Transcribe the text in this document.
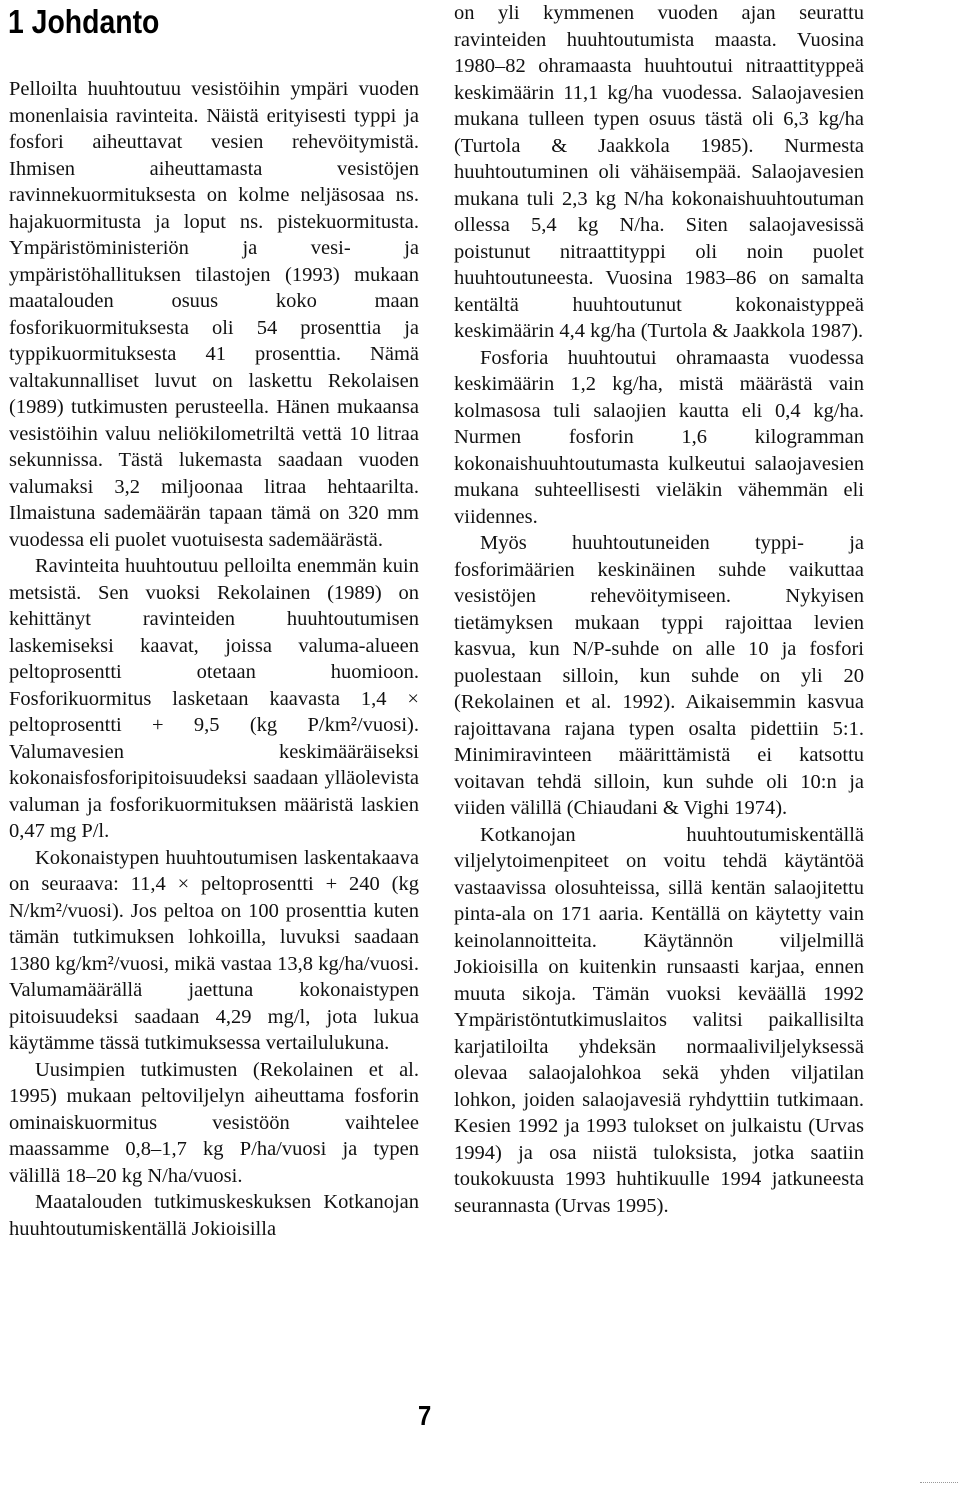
1 Johdanto

Pelloilta huuhtoutuu vesistöihin ympäri vuoden monenlaisia ravinteita. Näistä erityisesti typpi ja fosfori aiheuttavat vesien rehevöitymistä. Ihmisen aiheuttamasta vesistöjen ravinnekuormituksesta on kolme neljäsosaa ns. hajakuormitusta ja loput ns. pistekuormitusta. Ympäristöministeriön ja vesi- ja ympäristöhallituksen tilastojen (1993) mukaan maatalouden osuus koko maan fosforikuormituksesta oli 54 prosenttia ja typpikuormituksesta 41 prosenttia. Nämä valtakunnalliset luvut on laskettu Rekolaisen (1989) tutkimusten perusteella. Hänen mukaansa vesistöihin valuu neliökilometriltä vettä 10 litraa sekunnissa. Tästä lukemasta saadaan vuoden valumaksi 3,2 miljoonaa litraa hehtaarilta. Ilmaistuna sademäärän tapaan tämä on 320 mm vuodessa eli puolet vuotuisesta sademäärästä.

Ravinteita huuhtoutuu pelloilta enemmän kuin metsistä. Sen vuoksi Rekolainen (1989) on kehittänyt ravinteiden huuhtoutumisen laskemiseksi kaavat, joissa valuma-alueen peltoprosentti otetaan huomioon. Fosforikuormitus lasketaan kaavasta 1,4 × peltoprosentti + 9,5 (kg P/km²/vuosi). Valumavesien keskimääräiseksi kokonaisfosforipitoisuudeksi saadaan ylläolevista valuman ja fosforikuormituksen määristä laskien 0,47 mg P/l.

Kokonaistypen huuhtoutumisen laskentakaava on seuraava: 11,4 × peltoprosentti + 240 (kg N/km²/vuosi). Jos peltoa on 100 prosenttia kuten tämän tutkimuksen lohkoilla, luvuksi saadaan 1380 kg/km²/vuosi, mikä vastaa 13,8 kg/ha/vuosi. Valumamäärällä jaettuna kokonaistypen pitoisuudeksi saadaan 4,29 mg/l, jota lukua käytämme tässä tutkimuksessa vertailulukuna.

Uusimpien tutkimusten (Rekolainen et al. 1995) mukaan peltoviljelyn aiheuttama fosforin ominaiskuormitus vesistöön vaihtelee maassamme 0,8–1,7 kg P/ha/vuosi ja typen välillä 18–20 kg N/ha/vuosi.

Maatalouden tutkimuskeskuksen Kotkanojan huuhtoutumiskentällä Jokioisilla

on yli kymmenen vuoden ajan seurattu ravinteiden huuhtoutumista maasta. Vuosina 1980–82 ohramaasta huuhtoutui nitraattityppeä keskimäärin 11,1 kg/ha vuodessa. Salaojavesien mukana tulleen typen osuus tästä oli 6,3 kg/ha (Turtola & Jaakkola 1985). Nurmesta huuhtoutuminen oli vähäisempää. Salaojavesien mukana tuli 2,3 kg N/ha kokonaishuuhtoutuman ollessa 5,4 kg N/ha. Siten salaojavesissä poistunut nitraattityppi oli noin puolet huuhtoutuneesta. Vuosina 1983–86 on samalta kentältä huuhtoutunut kokonaistyppeä keskimäärin 4,4 kg/ha (Turtola & Jaakkola 1987).

Fosforia huuhtoutui ohramaasta vuodessa keskimäärin 1,2 kg/ha, mistä määrästä vain kolmasosa tuli salaojien kautta eli 0,4 kg/ha. Nurmen fosforin 1,6 kilogramman kokonaishuuhtoutumasta kulkeutui salaojavesien mukana suhteellisesti vieläkin vähemmän eli viidennes.

Myös huuhtoutuneiden typpi- ja fosforimäärien keskinäinen suhde vaikuttaa vesistöjen rehevöitymiseen. Nykyisen tietämyksen mukaan typpi rajoittaa levien kasvua, kun N/P-suhde on alle 10 ja fosfori puolestaan silloin, kun suhde on yli 20 (Rekolainen et al. 1992). Aikaisemmin kasvua rajoittavana rajana typen osalta pidettiin 5:1. Minimiravinteen määrittämistä ei katsottu voitavan tehdä silloin, kun suhde oli 10:n ja viiden välillä (Chiaudani & Vighi 1974).

Kotkanojan huuhtoutumiskentällä viljelytoimenpiteet on voitu tehdä käytäntöä vastaavissa olosuhteissa, sillä kentän salaojitettu pinta-ala on 171 aaria. Kentällä on käytetty vain keinolannoitteita. Käytännön viljelmillä Jokioisilla on kuitenkin runsaasti karjaa, ennen muuta sikoja. Tämän vuoksi keväällä 1992 Ympäristöntutkimuslaitos valitsi paikallisilta karjatiloilta yhdeksän normaaliviljelyksessä olevaa salaojalohkoa sekä yhden viljatilan lohkon, joiden salaojavesiä ryhdyttiin tutkimaan. Kesien 1992 ja 1993 tulokset on julkaistu (Urvas 1994) ja osa niistä tuloksista, jotka saatiin toukokuusta 1993 huhtikuulle 1994 jatkuneesta seurannasta (Urvas 1995).

7
